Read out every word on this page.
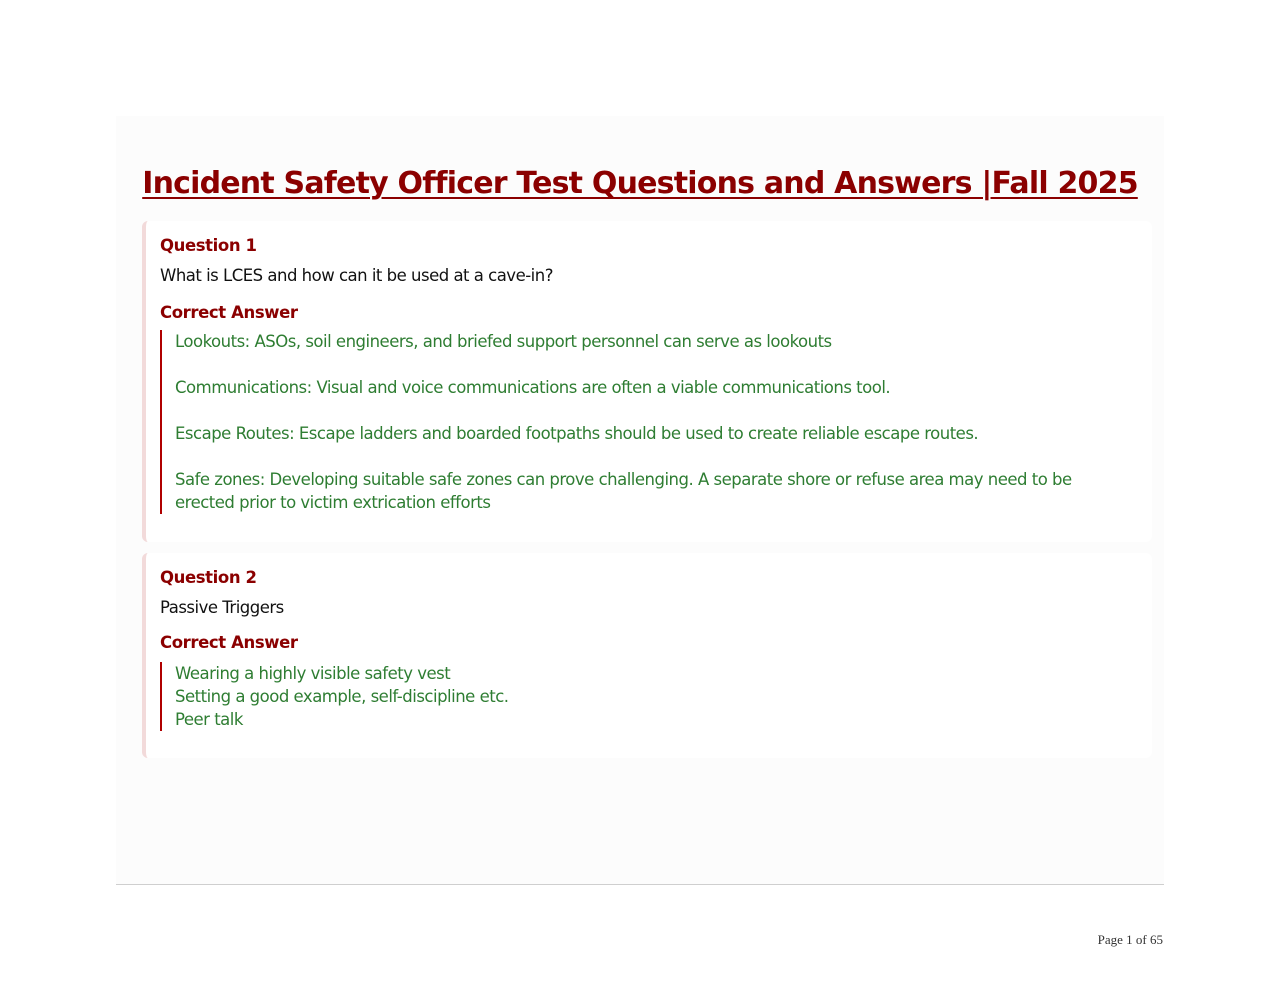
Incident Safety Officer Test Questions and Answers |Fall 2025

Question 1

What is LCES and how can it be used at a cave-in?

Correct Answer

Lookouts: ASOs, soil engineers, and briefed support personnel can serve as lookouts
Communications: Visual and voice communications are often a viable communications tool.
Escape Routes: Escape ladders and boarded footpaths should be used to create reliable escape routes.
Safe zones: Developing suitable safe zones can prove challenging. A separate shore or refuse area may need to be erected prior to victim extrication efforts

Question 2

Passive Triggers

Correct Answer

Wearing a highly visible safety vest
Setting a good example, self-discipline etc.
Peer talk

Page 1 of 65
